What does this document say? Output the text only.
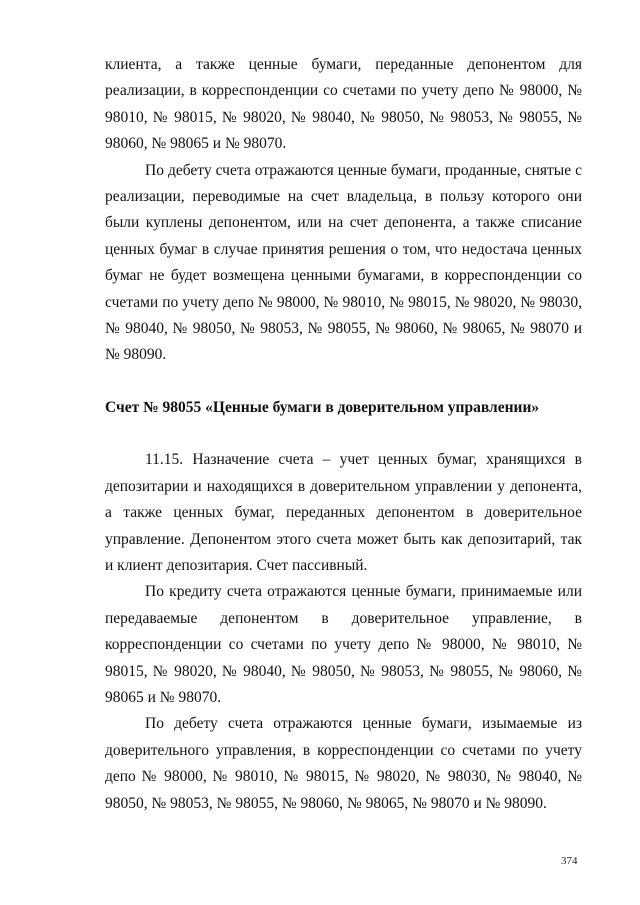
клиента, а также ценные бумаги, переданные депонентом для реализации, в корреспонденции со счетами по учету депо № 98000, № 98010, № 98015, № 98020, № 98040, № 98050, № 98053, № 98055, № 98060, № 98065 и № 98070.

По дебету счета отражаются ценные бумаги, проданные, снятые с реализации, переводимые на счет владельца, в пользу которого они были куплены депонентом, или на счет депонента, а также списание ценных бумаг в случае принятия решения о том, что недостача ценных бумаг не будет возмещена ценными бумагами, в корреспонденции со счетами по учету депо № 98000, № 98010, № 98015, № 98020, № 98030, № 98040, № 98050, № 98053, № 98055, № 98060, № 98065, № 98070 и № 98090.

Счет № 98055 «Ценные бумаги в доверительном управлении»

11.15. Назначение счета – учет ценных бумаг, хранящихся в депозитарии и находящихся в доверительном управлении у депонента, а также ценных бумаг, переданных депонентом в доверительное управление. Депонентом этого счета может быть как депозитарий, так и клиент депозитария. Счет пассивный.

По кредиту счета отражаются ценные бумаги, принимаемые или передаваемые депонентом в доверительное управление, в корреспонденции со счетами по учету депо № 98000, № 98010, № 98015, № 98020, № 98040, № 98050, № 98053, № 98055, № 98060, № 98065 и № 98070.

По дебету счета отражаются ценные бумаги, изымаемые из доверительного управления, в корреспонденции со счетами по учету депо № 98000, № 98010, № 98015, № 98020, № 98030, № 98040, № 98050, № 98053, № 98055, № 98060, № 98065, № 98070 и № 98090.

374
